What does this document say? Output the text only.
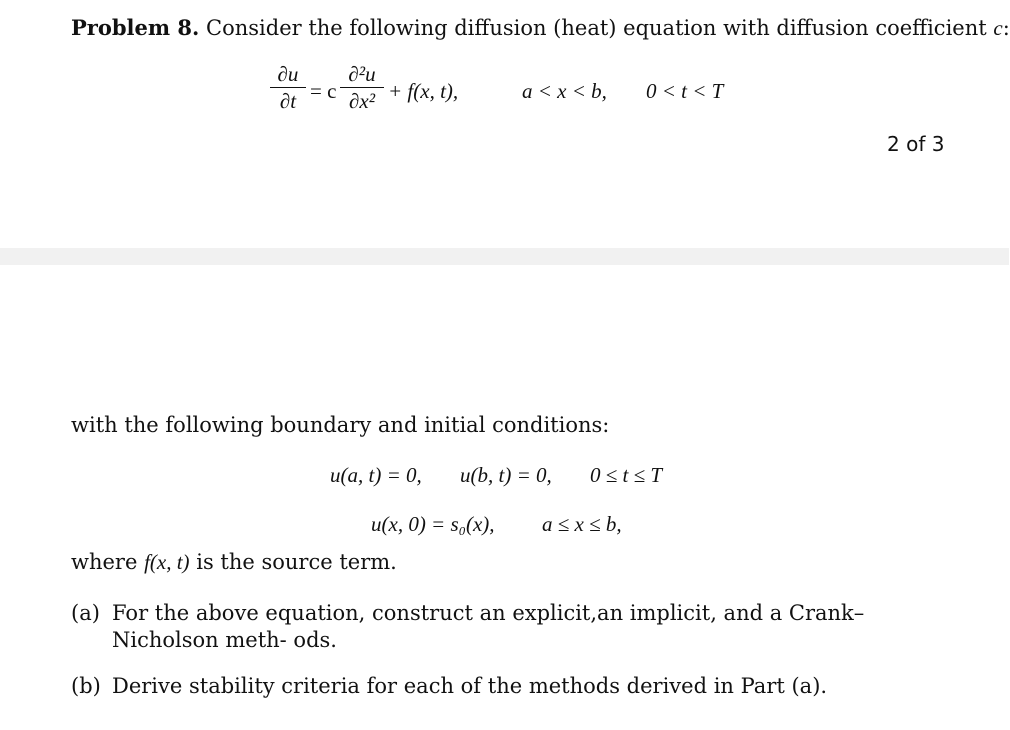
Problem 8. Consider the following diffusion (heat) equation with diffusion coefficient c:
∂u
∂t = c
∂²u
∂x² + f(x, t),	a < x < b, 0 < t < T
2 of 3
with the following boundary and initial conditions:
u(a, t) = 0, u(b, t) = 0, 0 ≤ t ≤ T
u(x, 0) = s₀(x), a ≤ x ≤ b,
where f(x, t) is the source term.
(a) For the above equation, construct an explicit,an implicit, and a Crank–Nicholson meth- ods.
(b) Derive stability criteria for each of the methods derived in Part (a).
